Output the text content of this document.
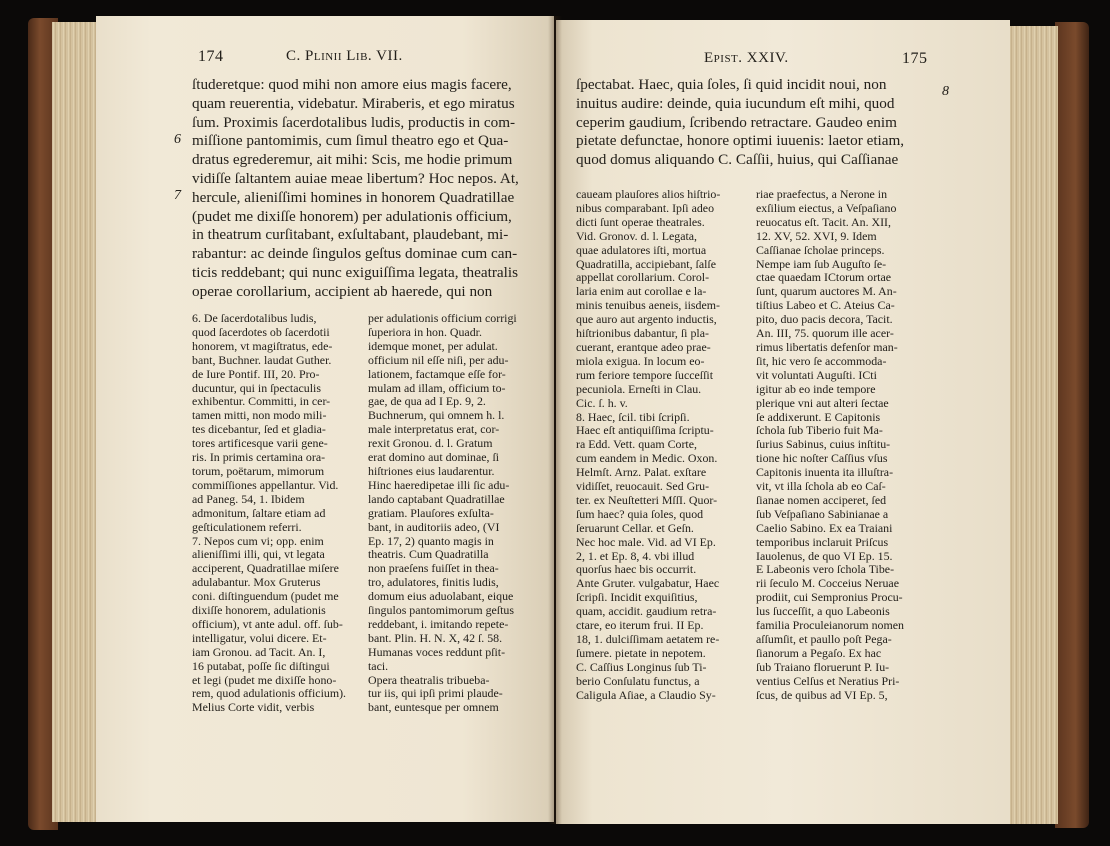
174	C. Plinii Lib. VII.
6
7
ſtuderetque: quod mihi non amore eius magis facere,
quam reuerentia, videbatur. Miraberis, et ego miratus
ſum. Proximis ſacerdotalibus ludis, productis in com-
miſſione pantomimis, cum ſimul theatro ego et Qua-
dratus egrederemur, ait mihi: Scis, me hodie primum
vidiſſe ſaltantem auiae meae libertum? Hoc nepos. At,
hercule, alieniſſimi homines in honorem Quadratillae
(pudet me dixiſſe honorem) per adulationis officium,
in theatrum curſitabant, exſultabant, plaudebant, mi-
rabantur: ac deinde ſingulos geſtus dominae cum can-
ticis reddebant; qui nunc exiguiſſima legata, theatralis
operae corollarium, accipient ab haerede, qui non
6. De ſacerdotalibus ludis,
quod ſacerdotes ob ſacerdotii
honorem, vt magiſtratus, ede-
bant, Buchner. laudat Guther.
de Iure Pontif. III, 20. Pro-
ducuntur, qui in ſpectaculis
exhibentur. Committi, in cer-
tamen mitti, non modo mili-
tes dicebantur, ſed et gladia-
tores artificesque varii gene-
ris. In primis certamina ora-
torum, poëtarum, mimorum
commiſſiones appellantur. Vid.
ad Paneg. 54, 1. Ibidem
admonitum, ſaltare etiam ad
geſticulationem referri.
7. Nepos cum vi; opp. enim
alieniſſimi illi, qui, vt legata
acciperent, Quadratillae miſere
adulabantur. Mox Gruterus
coni. diſtinguendum (pudet me
dixiſſe honorem, adulationis
officium), vt ante adul. off. ſub-
intelligatur, volui dicere. Et-
iam Gronou. ad Tacit. An. I,
16 putabat, poſſe ſic diſtingui
et legi (pudet me dixiſſe hono-
rem, quod adulationis officium).
Melius Corte vidit, verbis
per adulationis officium corrigi
ſuperiora in hon. Quadr.
idemque monet, per adulat.
officium nil eſſe niſi, per adu-
lationem, factamque eſſe for-
mulam ad illam, officium to-
gae, de qua ad I Ep. 9, 2.
Buchnerum, qui omnem h. l.
male interpretatus erat, cor-
rexit Gronou. d. l. Gratum
erat domino aut dominae, ſi
hiſtriones eius laudarentur.
Hinc haeredipetae illi ſic adu-
lando captabant Quadratillae
gratiam. Plauſores exſulta-
bant, in auditoriis adeo, (VI
Ep. 17, 2) quanto magis in
theatris. Cum Quadratilla
non praeſens fuiſſet in thea-
tro, adulatores, finitis ludis,
domum eius aduolabant, eique
ſingulos pantomimorum geſtus
reddebant, i. imitando repete-
bant. Plin. H. N. X, 42 ſ. 58.
Humanas voces reddunt pſit-
taci.
Opera theatralis tribueba-
tur iis, qui ipſi primi plaude-
bant, euntesque per omnem
Epist. XXIV.	175
8
ſpectabat. Haec, quia ſoles, ſi quid incidit noui, non
inuitus audire: deinde, quia iucundum eſt mihi, quod
ceperim gaudium, ſcribendo retractare. Gaudeo enim
pietate defunctae, honore optimi iuuenis: laetor etiam,
quod domus aliquando C. Caſſii, huius, qui Caſſianae
caueam plauſores alios hiſtrio-
nibus comparabant. Ipſi adeo
dicti ſunt operae theatrales.
Vid. Gronov. d. l. Legata,
quae adulatores iſti, mortua
Quadratilla, accipiebant, ſalſe
appellat corollarium. Corol-
laria enim aut corollae e la-
minis tenuibus aeneis, iisdem-
que auro aut argento inductis,
hiſtrionibus dabantur, ſi pla-
cuerant, erantque adeo prae-
miola exigua. In locum eo-
rum feriore tempore ſucceſſit
pecuniola. Erneſti in Clau.
Cic. ſ. h. v.
8. Haec, ſcil. tibi ſcripſi.
Haec eſt antiquiſſima ſcriptu-
ra Edd. Vett. quam Corte,
cum eandem in Medic. Oxon.
Helmſt. Arnz. Palat. exſtare
vidiſſet, reuocauit. Sed Gru-
ter. ex Neuſtetteri MſſI. Quor-
ſum haec? quia ſoles, quod
ſeruarunt Cellar. et Geſn.
Nec hoc male. Vid. ad VI Ep.
2, 1. et Ep. 8, 4. vbi illud
quorſus haec bis occurrit.
Ante Gruter. vulgabatur, Haec
ſcripſi. Incidit exquiſitius,
quam, accidit. gaudium retra-
ctare, eo iterum frui. II Ep.
18, 1. dulciſſimam aetatem re-
ſumere. pietate in nepotem.
C. Caſſius Longinus ſub Ti-
berio Conſulatu functus, a
Caligula Aſiae, a Claudio Sy-
riae praefectus, a Nerone in
exſilium eiectus, a Veſpaſiano
reuocatus eſt. Tacit. An. XII,
12. XV, 52. XVI, 9. Idem
Caſſianae ſcholae princeps.
Nempe iam ſub Auguſto ſe-
ctae quaedam ICtorum ortae
ſunt, quarum auctores M. An-
tiſtius Labeo et C. Ateius Ca-
pito, duo pacis decora, Tacit.
An. III, 75. quorum ille acer-
rimus libertatis defenſor man-
ſit, hic vero ſe accommoda-
vit voluntati Auguſti. ICti
igitur ab eo inde tempore
plerique vni aut alteri ſectae
ſe addixerunt. E Capitonis
ſchola ſub Tiberio fuit Ma-
ſurius Sabinus, cuius inſtitu-
tione hic noſter Caſſius vſus
Capitonis inuenta ita illuſtra-
vit, vt illa ſchola ab eo Caſ-
ſianae nomen acciperet, ſed
ſub Veſpaſiano Sabinianae a
Caelio Sabino. Ex ea Traiani
temporibus inclaruit Priſcus
Iauolenus, de quo VI Ep. 15.
E Labeonis vero ſchola Tibe-
rii ſeculo M. Cocceius Neruae
prodiit, cui Sempronius Procu-
lus ſucceſſit, a quo Labeonis
familia Proculeianorum nomen
aſſumſit, et paullo poſt Pega-
ſianorum a Pegaſo. Ex hac
ſub Traiano floruerunt P. Iu-
ventius Celſus et Neratius Pri-
ſcus, de quibus ad VI Ep. 5,
